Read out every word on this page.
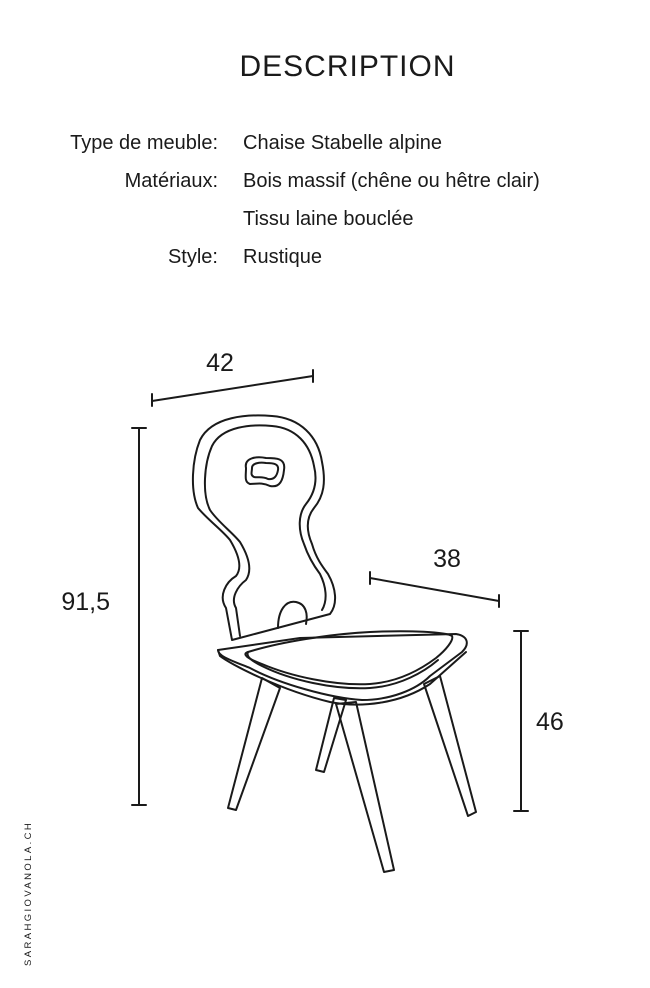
DESCRIPTION
Type de meuble: Chaise Stabelle alpine
Matériaux: Bois massif (chêne ou hêtre clair)
Tissu laine bouclée
Style: Rustique
42
38
91,5
46
SARAHGIOVANOLA.CH
